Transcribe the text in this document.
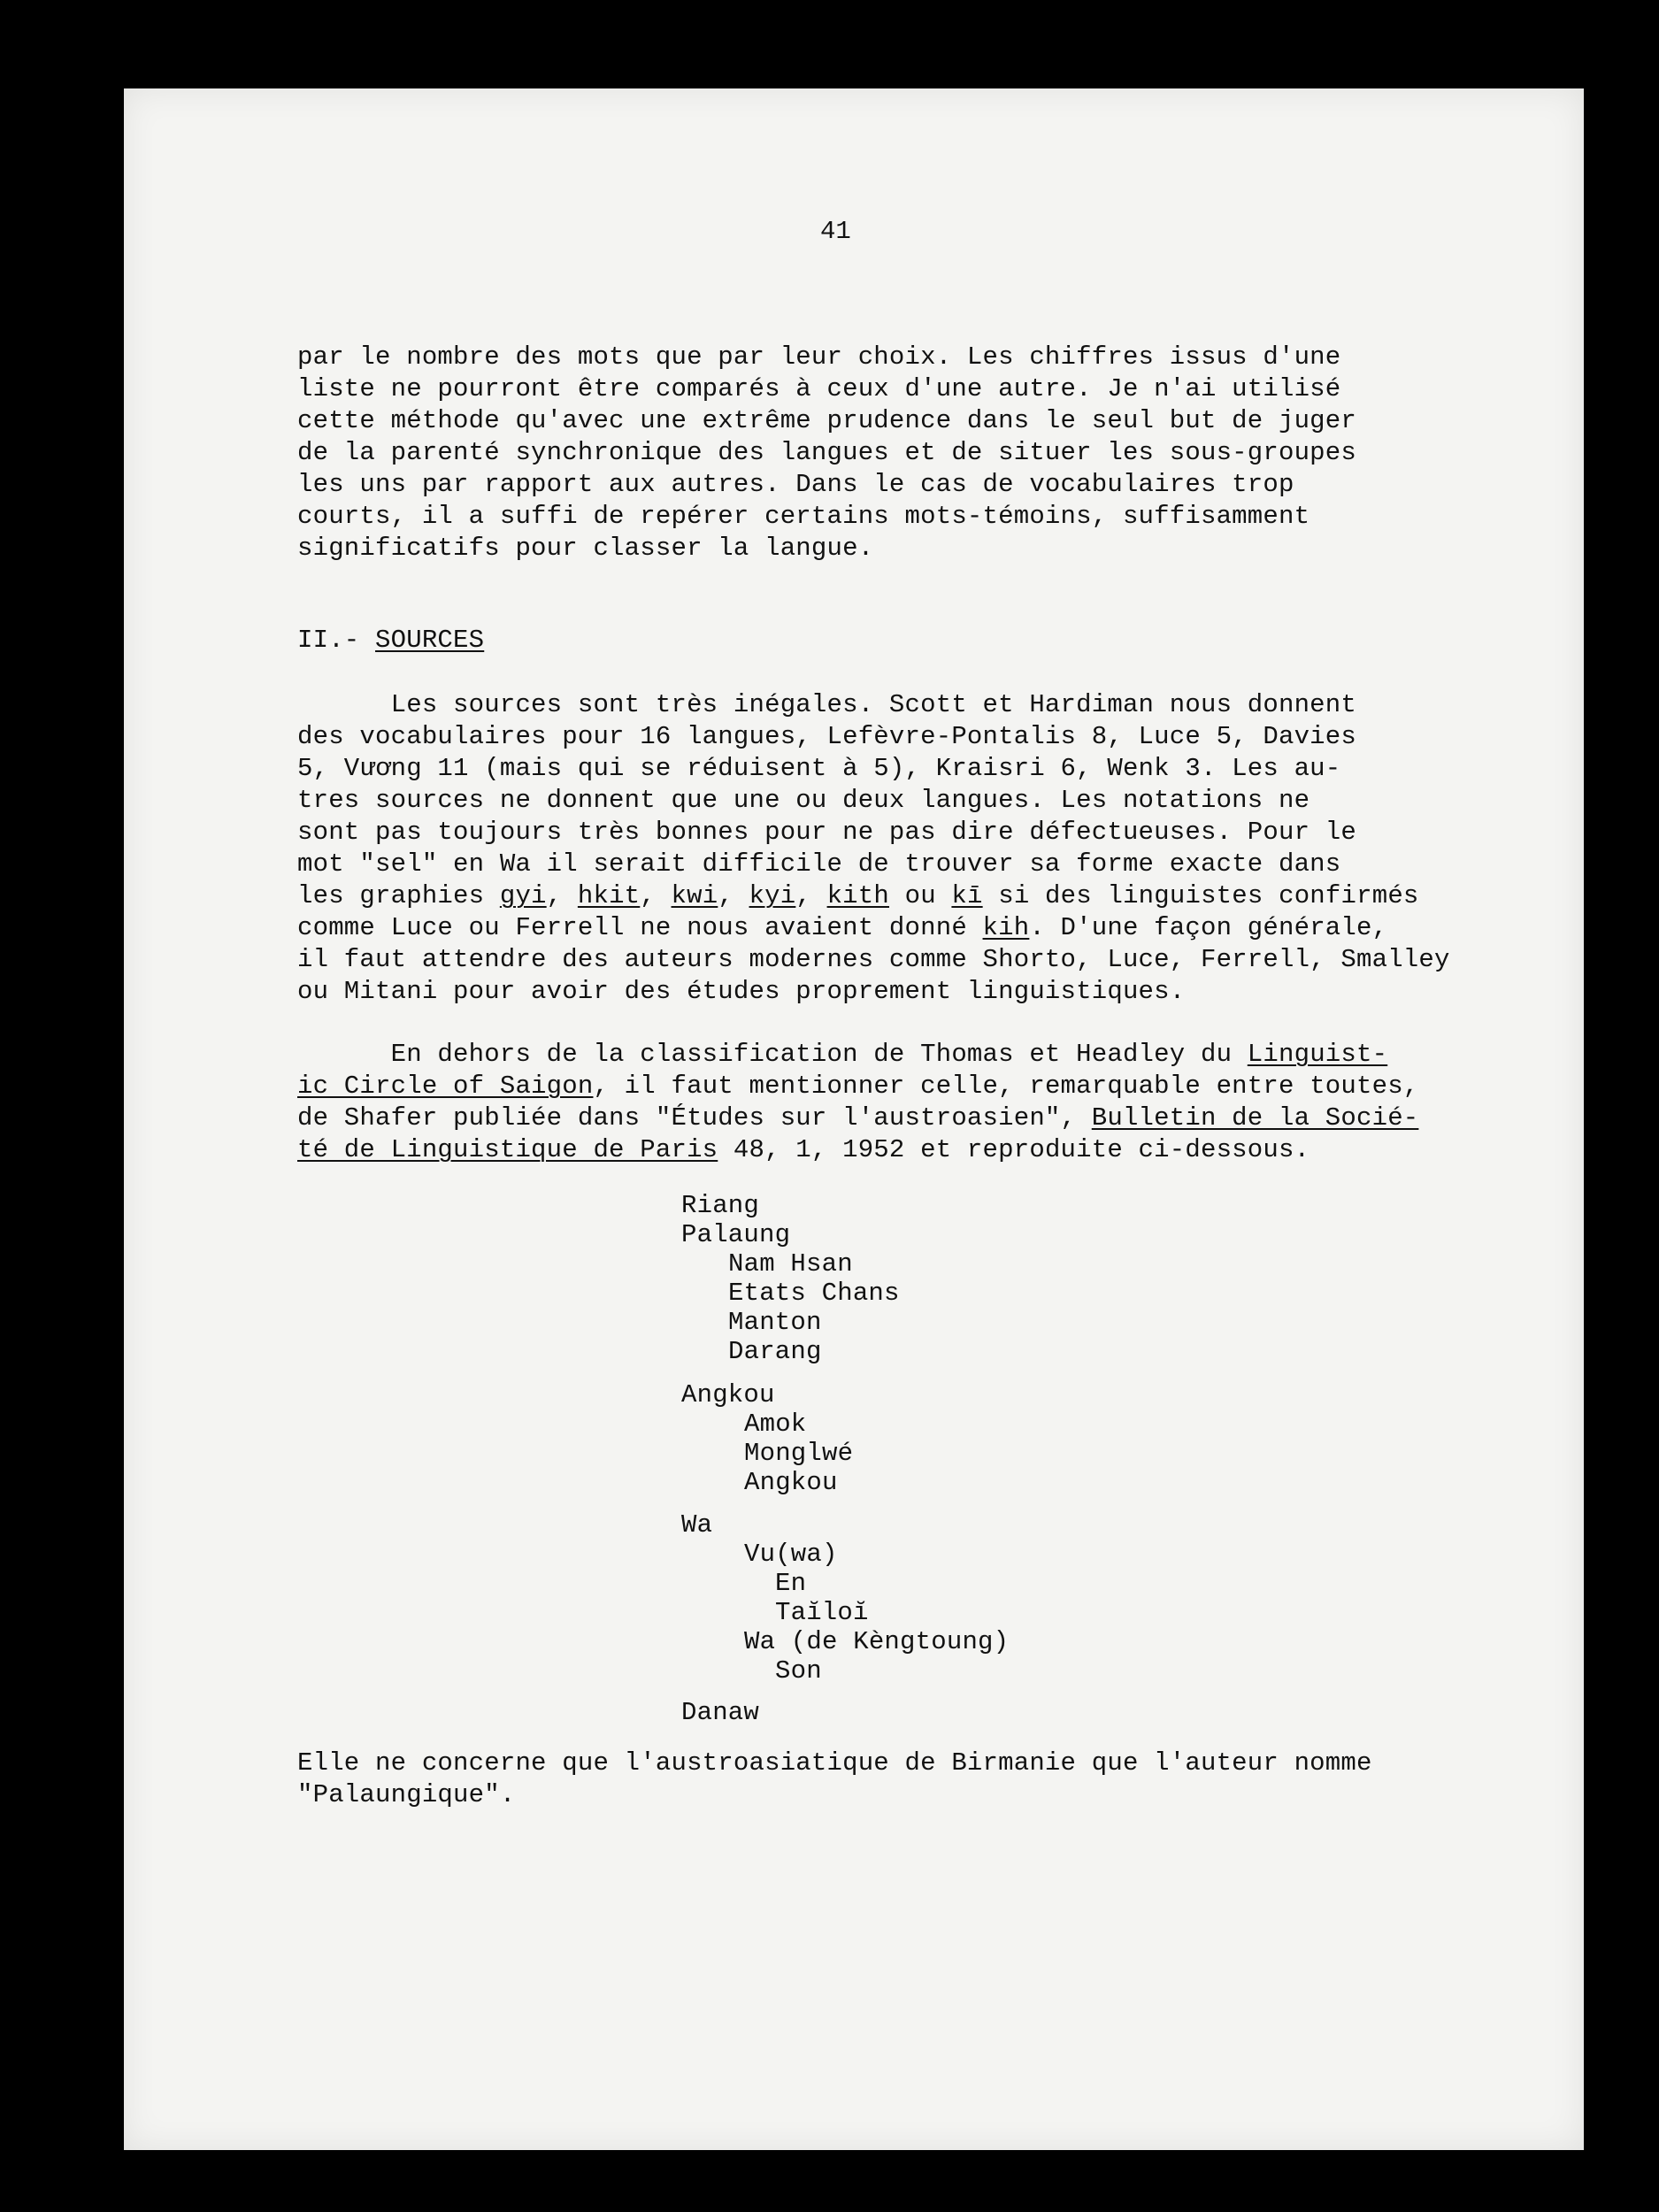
41
par le nombre des mots que par leur choix. Les chiffres issus d'une
liste ne pourront être comparés à ceux d'une autre. Je n'ai utilisé
cette méthode qu'avec une extrême prudence dans le seul but de juger
de la parenté synchronique des langues et de situer les sous-groupes
les uns par rapport aux autres. Dans le cas de vocabulaires trop
courts, il a suffi de repérer certains mots-témoins, suffisamment
significatifs pour classer la langue.
II.- SOURCES
Les sources sont très inégales. Scott et Hardiman nous donnent
des vocabulaires pour 16 langues, Lefèvre-Pontalis 8, Luce 5, Davies
5, Vương 11 (mais qui se réduisent à 5), Kraisri 6, Wenk 3. Les au-
tres sources ne donnent que une ou deux langues. Les notations ne
sont pas toujours très bonnes pour ne pas dire défectueuses. Pour le
mot "sel" en Wa il serait difficile de trouver sa forme exacte dans
les graphies gyi, hkit, kwi, kyi, kith ou kī si des linguistes confirmés
comme Luce ou Ferrell ne nous avaient donné kih. D'une façon générale,
il faut attendre des auteurs modernes comme Shorto, Luce, Ferrell, Smalley
ou Mitani pour avoir des études proprement linguistiques.
En dehors de la classification de Thomas et Headley du Linguist-
ic Circle of Saigon, il faut mentionner celle, remarquable entre toutes,
de Shafer publiée dans "Études sur l'austroasien", Bulletin de la Socié-
té de Linguistique de Paris 48, 1, 1952 et reproduite ci-dessous.
Riang
Palaung
Nam Hsan
Etats Chans
Manton
Darang
Angkou
Amok
Monglwé
Angkou
Wa
Vu(wa)
En
Taĭloĭ
Wa (de Kèngtoung)
Son
Danaw
Elle ne concerne que l'austroasiatique de Birmanie que l'auteur nomme
"Palaungique".
